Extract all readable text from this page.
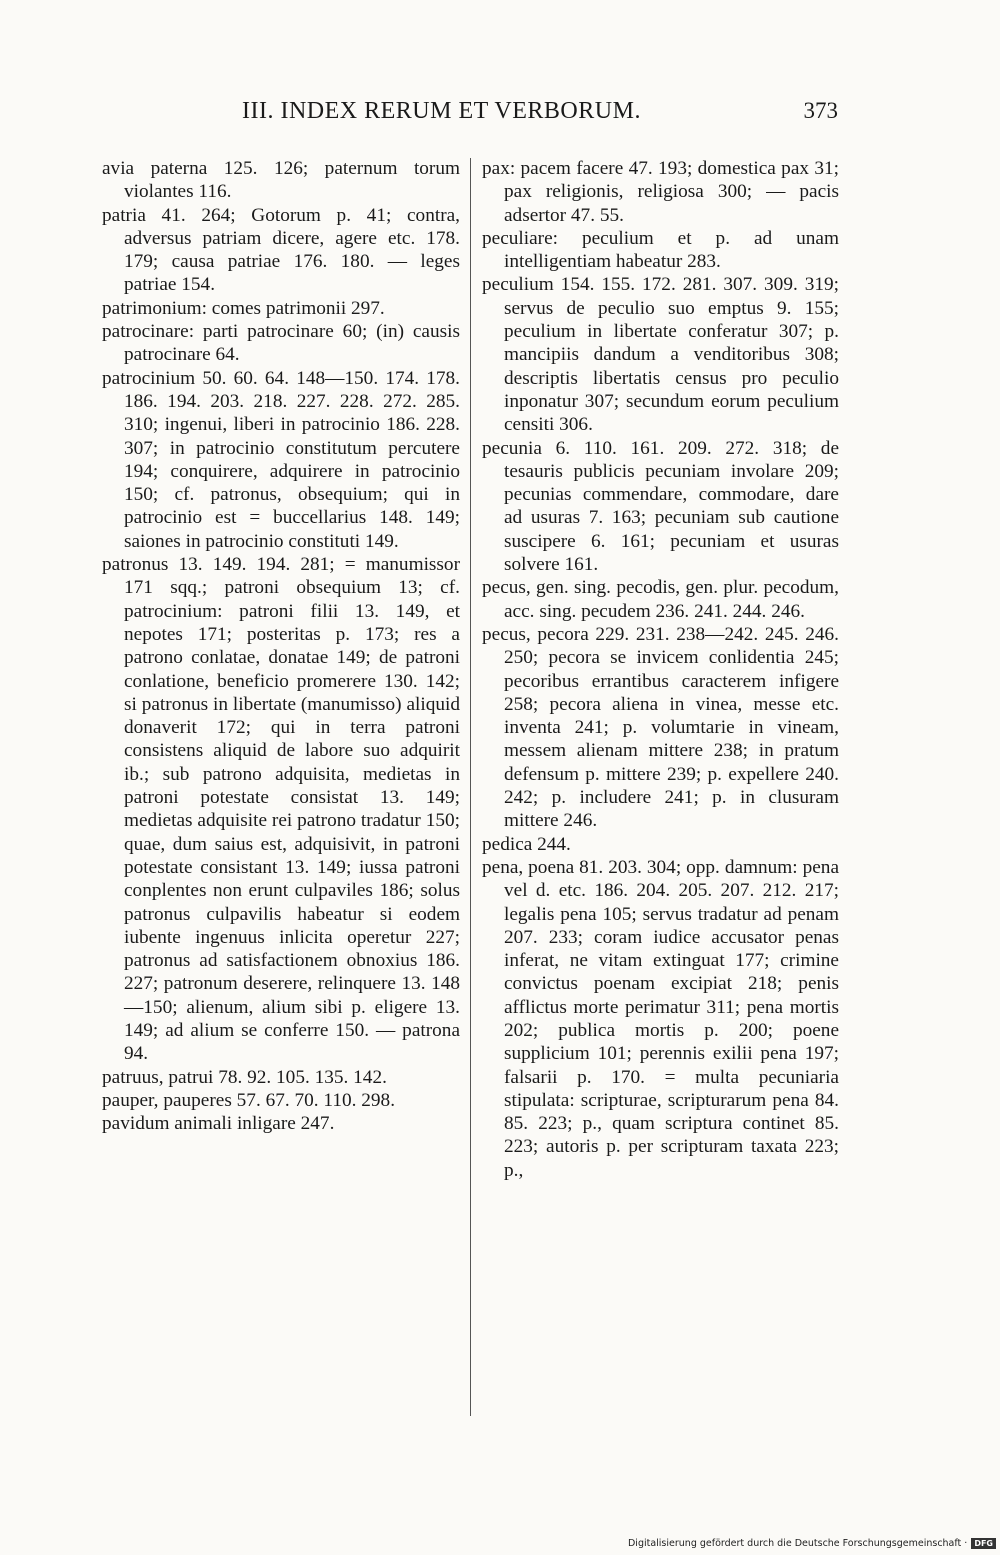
III. INDEX RERUM ET VERBORUM.	373

avia paterna 125. 126; paternum torum violantes 116.

patria 41. 264; Gotorum p. 41; contra, adversus patriam dicere, agere etc. 178. 179; causa patriae 176. 180. — leges patriae 154.

patrimonium: comes patrimonii 297.

patrocinare: parti patrocinare 60; (in) causis patrocinare 64.

patrocinium 50. 60. 64. 148—150. 174. 178. 186. 194. 203. 218. 227. 228. 272. 285. 310; ingenui, liberi in patrocinio 186. 228. 307; in patrocinio constitutum percutere 194; conquirere, adquirere in patrocinio 150; cf. patronus, obsequium; qui in patrocinio est = buccellarius 148. 149; saiones in patrocinio constituti 149.

patronus 13. 149. 194. 281; = manumissor 171 sqq.; patroni obsequium 13; cf. patrocinium: patroni filii 13. 149, et nepotes 171; posteritas p. 173; res a patrono conlatae, donatae 149; de patroni conlatione, beneficio promerere 130. 142; si patronus in libertate (manumisso) aliquid donaverit 172; qui in terra patroni consistens aliquid de labore suo adquirit ib.; sub patrono adquisita, medietas in patroni potestate consistat 13. 149; medietas adquisite rei patrono tradatur 150; quae, dum saius est, adquisivit, in patroni potestate consistant 13. 149; iussa patroni conplentes non erunt culpaviles 186; solus patronus culpavilis habeatur si eodem iubente ingenuus inlicita operetur 227; patronus ad satisfactionem obnoxius 186. 227; patronum deserere, relinquere 13. 148—150; alienum, alium sibi p. eligere 13. 149; ad alium se conferre 150. — patrona 94.

patruus, patrui 78. 92. 105. 135. 142.

pauper, pauperes 57. 67. 70. 110. 298.

pavidum animali inligare 247.

pax: pacem facere 47. 193; domestica pax 31; pax religionis, religiosa 300; — pacis adsertor 47. 55.

peculiare: peculium et p. ad unam intelligentiam habeatur 283.

peculium 154. 155. 172. 281. 307. 309. 319; servus de peculio suo emptus 9. 155; peculium in libertate conferatur 307; p. mancipiis dandum a venditoribus 308; descriptis libertatis census pro peculio inponatur 307; secundum eorum peculium censiti 306.

pecunia 6. 110. 161. 209. 272. 318; de tesauris publicis pecuniam involare 209; pecunias commendare, commodare, dare ad usuras 7. 163; pecuniam sub cautione suscipere 6. 161; pecuniam et usuras solvere 161.

pecus, gen. sing. pecodis, gen. plur. pecodum, acc. sing. pecudem 236. 241. 244. 246.

pecus, pecora 229. 231. 238—242. 245. 246. 250; pecora se invicem conlidentia 245; pecoribus errantibus caracterem infigere 258; pecora aliena in vinea, messe etc. inventa 241; p. volumtarie in vineam, messem alienam mittere 238; in pratum defensum p. mittere 239; p. expellere 240. 242; p. includere 241; p. in clusuram mittere 246.

pedica 244.

pena, poena 81. 203. 304; opp. damnum: pena vel d. etc. 186. 204. 205. 207. 212. 217; legalis pena 105; servus tradatur ad penam 207. 233; coram iudice accusator penas inferat, ne vitam extinguat 177; crimine convictus poenam excipiat 218; penis afflictus morte perimatur 311; pena mortis 202; publica mortis p. 200; poene supplicium 101; perennis exilii pena 197; falsarii p. 170. = multa pecuniaria stipulata: scripturae, scripturarum pena 84. 85. 223; p., quam scriptura continet 85. 223; autoris p. per scripturam taxata 223; p.,

Digitalisierung gefördert durch die Deutsche Forschungsgemeinschaft · DFG
